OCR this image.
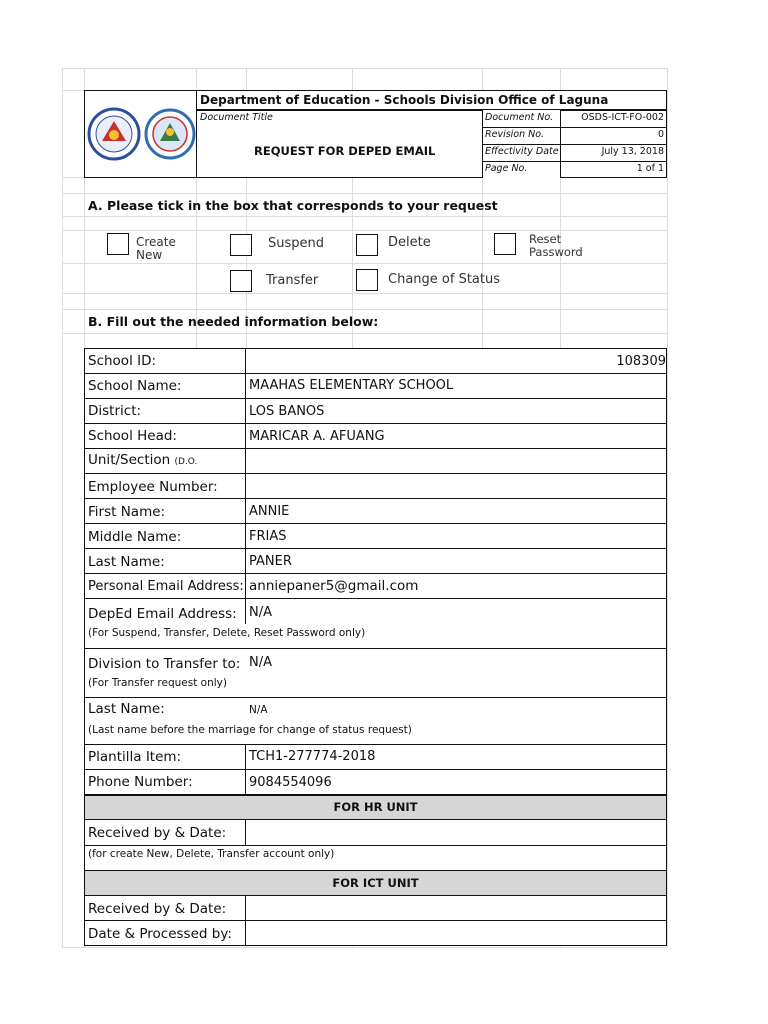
Department of Education - Schools Division Office of Laguna
Document Title
REQUEST FOR DEPED EMAIL
Document No.	OSDS-ICT-FO-002
Revision No.	0
Effectivity Date	July 13, 2018
Page No.	1 of 1
A. Please tick in the box that corresponds to your request
Create
New
Suspend	Delete	Reset
Password
Transfer	Change of Status
B. Fill out the needed information below:
School ID:	108309
School Name:	MAAHAS ELEMENTARY SCHOOL
District:	LOS BANOS
School Head:	MARICAR A. AFUANG
Unit/Section (D.O.
Employee Number:
First Name:	ANNIE
Middle Name:	FRIAS
Last Name:	PANER
Personal Email Address: anniepaner5@gmail.com
DepEd Email Address: N/A
(For Suspend, Transfer, Delete, Reset Password only)
Division to Transfer to: N/A
(For Transfer request only)
Last Name:	N/A
(Last name before the marriage for change of status request)
Plantilla Item:	TCH1-277774-2018
Phone Number:	9084554096
FOR HR UNIT
Received by & Date:
(for create New, Delete, Transfer account only)
FOR ICT UNIT
Received by & Date:
Date & Processed by:
